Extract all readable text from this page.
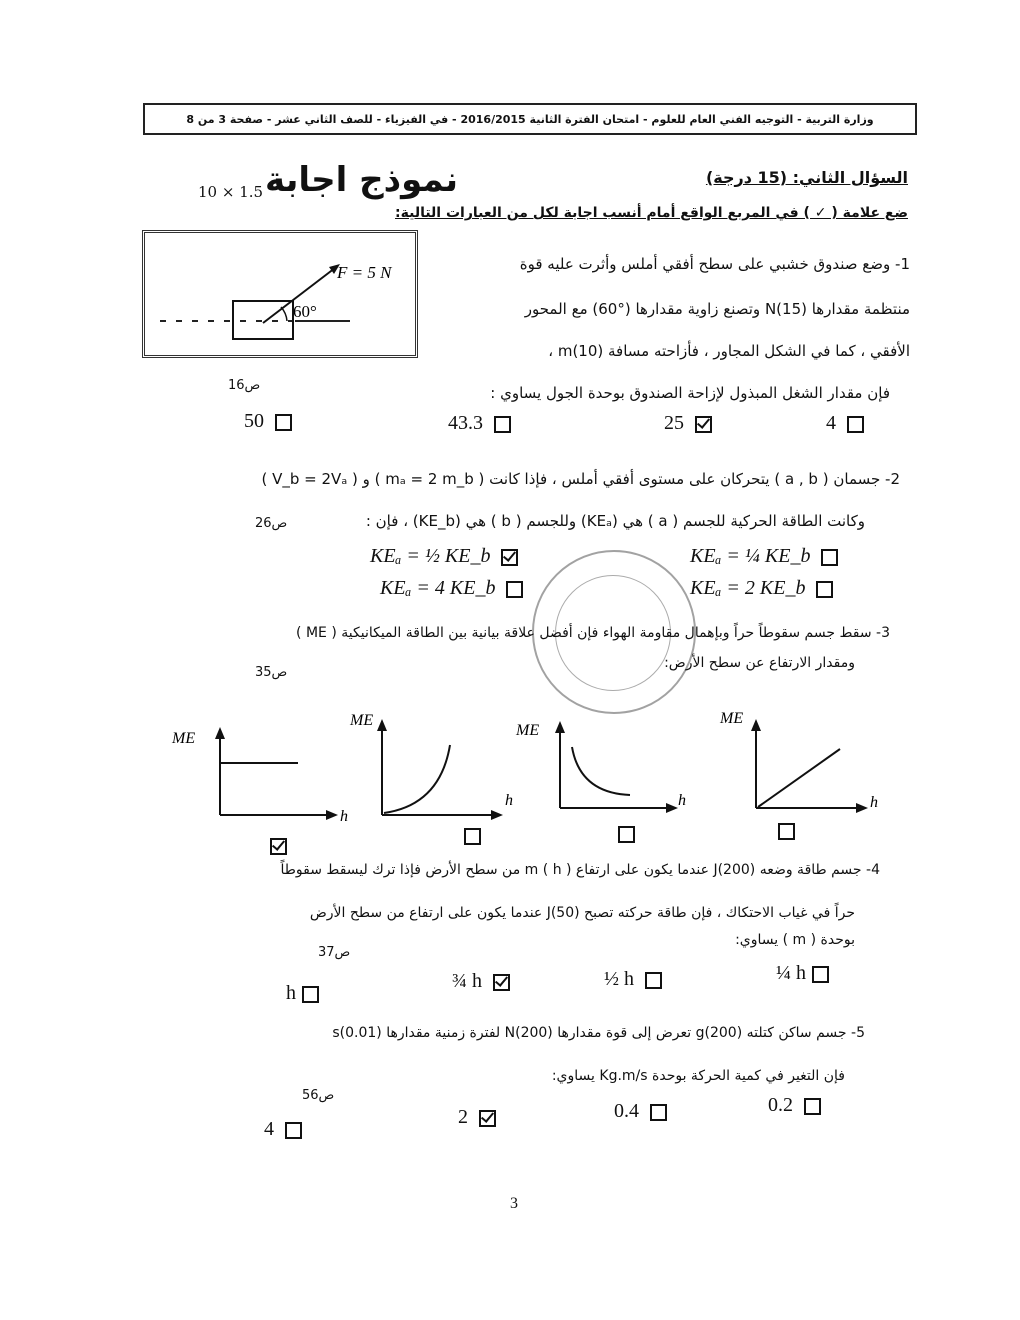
وزارة التربية - التوجيه الفني العام للعلوم - امتحان الفترة الثانية 2016/2015 - في الفيزياء - للصف الثاني عشر - صفحة 3 من 8
10 × 1.5 نموذج اجابة	السؤال الثاني: (15 درجة)
ضع علامة ( ✓ ) في المربع الواقع أمام أنسب اجابة لكل من العبارات التالية:
F = 5 N
60°
1- وضع صندوق خشبي على سطح أفقي أملس وأثرت عليه قوة
منتظمة مقدارها N(15) وتصنع زاوية مقدارها (°60) مع المحور
الأفقي ، كما في الشكل المجاور ، فأزاحته مسافة m(10) ،
فإن مقدار الشغل المبذول لإزاحة الصندوق بوحدة الجول يساوي :
ص16
50	43.3	25	4
2- جسمان ( a , b ) يتحركان على مستوى أفقي أملس ، فإذا كانت ( mₐ = 2 m_b ) و ( V_b = 2Vₐ )
وكانت الطاقة الحركية للجسم ( a ) هي (KEₐ) وللجسم ( b ) هي (KE_b) ، فإن :
ص26
KEₐ = ½ KE_b	KEₐ = ¼ KE_b
KEₐ = 4 KE_b	KEₐ = 2 KE_b
3- سقط جسم سقوطاً حراً وبإهمال مقاومة الهواء فإن أفضل علاقة بيانية بين الطاقة الميكانيكية ( ME )
ومقدار الارتفاع عن سطح الأرض:
ص35
ME
h
ME
h
ME
h
ME
h
4- جسم طاقة وضعه J(200) عندما يكون على ارتفاع ( h ) m من سطح الأرض فإذا ترك ليسقط سقوطاً
حراً في غياب الاحتكاك ، فإن طاقة حركته تصبح J(50) عندما يكون على ارتفاع من سطح الأرض
بوحدة ( m ) يساوي:
ص37
h
¾ h	½ h	¼ h
5- جسم ساكن كتلته g(200) تعرض إلى قوة مقدارها N(200) لفترة زمنية مقدارها s(0.01)
فإن التغير في كمية الحركة بوحدة Kg.m/s يساوي:
ص56
4
2	0.4	0.2
3
